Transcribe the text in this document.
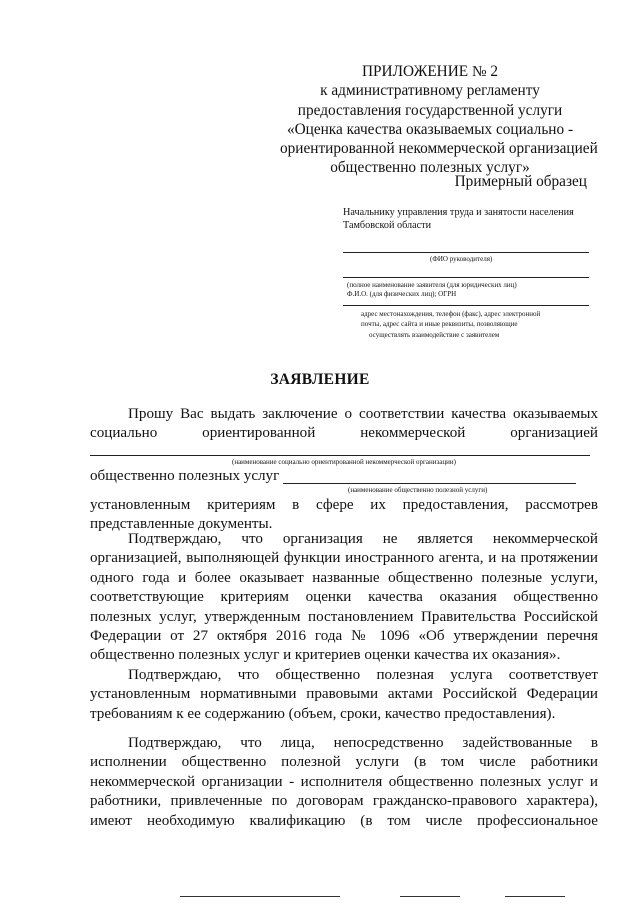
ПРИЛОЖЕНИЕ № 2
к административному регламенту
предоставления государственной услуги
«Оценка качества оказываемых социально -
ориентированной некоммерческой организацией
общественно полезных услуг»
Примерный образец
Начальнику управления труда и занятости населения
Тамбовской области
(ФИО руководителя)
(полное наименование заявителя (для юридических лиц)
Ф.И.О. (для физических лиц); ОГРН
адрес местонахождения, телефон (факс), адрес электронной
почты, адрес сайта и иные реквизиты, позволяющие
осуществлять взаимодействие с заявителем
ЗАЯВЛЕНИЕ
Прошу Вас выдать заключение о соответствии качества оказываемых
социально ориентированной некоммерческой организацией
(наименование социально ориентированной некоммерческой организации)
общественно полезных услуг
(наименование общественно полезной услуги)
установленным критериям в сфере их предоставления, рассмотрев
представленные документы.
Подтверждаю, что организация не является некоммерческой
организацией, выполняющей функции иностранного агента, и на протяжении
одного года и более оказывает названные общественно полезные услуги,
соответствующие критериям оценки качества оказания общественно
полезных услуг, утвержденным постановлением Правительства Российской
Федерации от 27 октября 2016 года № 1096 «Об утверждении перечня
общественно полезных услуг и критериев оценки качества их оказания».
Подтверждаю, что общественно полезная услуга соответствует
установленным нормативными правовыми актами Российской Федерации
требованиям к ее содержанию (объем, сроки, качество предоставления).
Подтверждаю, что лица, непосредственно задействованные в
исполнении общественно полезной услуги (в том числе работники
некоммерческой организации - исполнителя общественно полезных услуг и
работники, привлеченные по договорам гражданско-правового характера),
имеют необходимую квалификацию (в том числе профессиональное
